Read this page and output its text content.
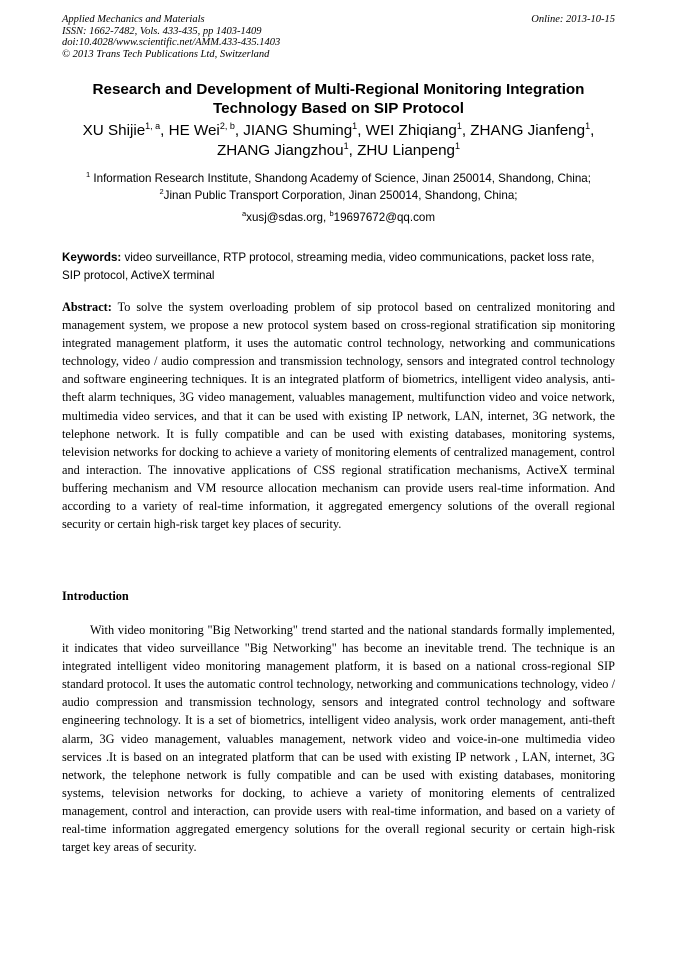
Applied Mechanics and Materials
ISSN: 1662-7482, Vols. 433-435, pp 1403-1409
doi:10.4028/www.scientific.net/AMM.433-435.1403
© 2013 Trans Tech Publications Ltd, Switzerland
Online: 2013-10-15
Research and Development of Multi-Regional Monitoring Integration
Technology Based on SIP Protocol
XU Shijie$^{1, a}$, HE Wei$^{2, b}$, JIANG Shuming$^1$, WEI Zhiqiang$^1$, ZHANG Jianfeng$^1$,
ZHANG Jiangzhou$^1$, ZHU Lianpeng$^1$
$^1$ Information Research Institute, Shandong Academy of Science, Jinan 250014, Shandong, China;
$^2$Jinan Public Transport Corporation, Jinan 250014, Shandong, China;
$^a$xusj@sdas.org, $^b$19697672@qq.com
Keywords: video surveillance, RTP protocol, streaming media, video communications, packet loss rate, SIP protocol, ActiveX terminal
Abstract: To solve the system overloading problem of sip protocol based on centralized monitoring and management system, we propose a new protocol system based on cross-regional stratification sip monitoring integrated management platform, it uses the automatic control technology, networking and communications technology, video / audio compression and transmission technology, sensors and integrated control technology and software engineering techniques. It is an integrated platform of biometrics, intelligent video analysis, anti-theft alarm techniques, 3G video management, valuables management, multifunction video and voice network, multimedia video services, and that it can be used with existing IP network, LAN, internet, 3G network, the telephone network. It is fully compatible and can be used with existing databases, monitoring systems, television networks for docking to achieve a variety of monitoring elements of centralized management, control and interaction. The innovative applications of CSS regional stratification mechanisms, ActiveX terminal buffering mechanism and VM resource allocation mechanism can provide users real-time information. And according to a variety of real-time information, it aggregated emergency solutions of the overall regional security or certain high-risk target key places of security.
Introduction
With video monitoring "Big Networking" trend started and the national standards formally implemented, it indicates that video surveillance "Big Networking" has become an inevitable trend. The technique is an integrated intelligent video monitoring management platform, it is based on a national cross-regional SIP standard protocol. It uses the automatic control technology, networking and communications technology, video / audio compression and transmission technology, sensors and integrated control technology and software engineering technology. It is a set of biometrics, intelligent video analysis, work order management, anti-theft alarm, 3G video management, valuables management, network video and voice-in-one multimedia video services .It is based on an integrated platform that can be used with existing IP network , LAN, internet, 3G network, the telephone network is fully compatible and can be used with existing databases, monitoring systems, television networks for docking, to achieve a variety of monitoring elements of centralized management, control and interaction, can provide users with real-time information, and based on a variety of real-time information aggregated emergency solutions for the overall regional security or certain high-risk target key areas of security.
